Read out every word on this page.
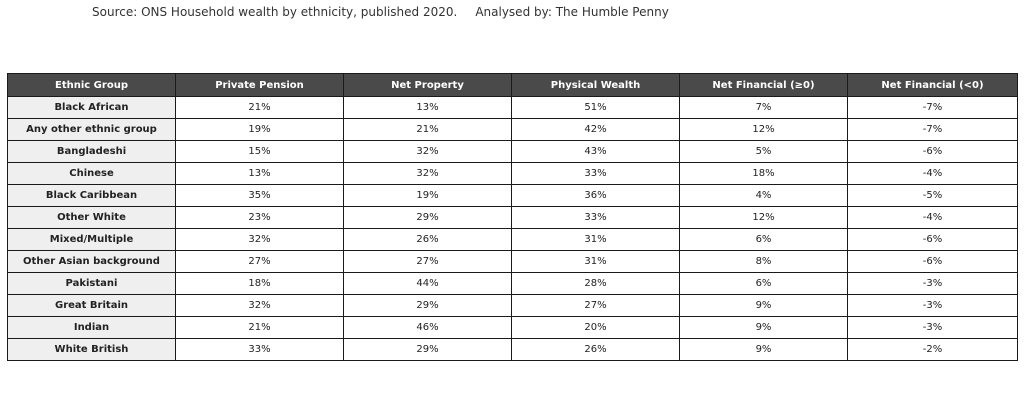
Source: ONS Household wealth by ethnicity, published 2020. Analysed by: The Humble Penny
Ethnic Group	Private Pension	Net Property	Physical Wealth	Net Financial (≥0)	Net Financial (<0)
Black African	21%	13%	51%	7%	-7%
Any other ethnic group	19%	21%	42%	12%	-7%
Bangladeshi	15%	32%	43%	5%	-6%
Chinese	13%	32%	33%	18%	-4%
Black Caribbean	35%	19%	36%	4%	-5%
Other White	23%	29%	33%	12%	-4%
Mixed/Multiple	32%	26%	31%	6%	-6%
Other Asian background	27%	27%	31%	8%	-6%
Pakistani	18%	44%	28%	6%	-3%
Great Britain	32%	29%	27%	9%	-3%
Indian	21%	46%	20%	9%	-3%
White British	33%	29%	26%	9%	-2%
